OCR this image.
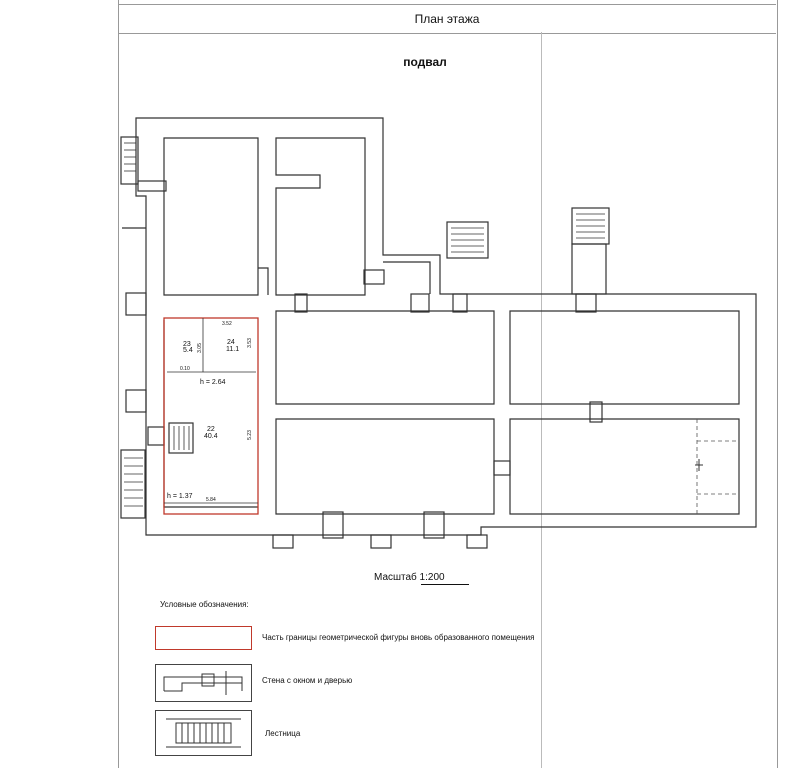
План этажа
подвал
23
5.4
24
11.1
22
40.4
h = 2.64
h = 1.37
3.52
3.05
3.53
0.10
5.23
5.84
Масштаб 1:200
Условные обозначения:
Часть границы геометрической фигуры вновь образованного помещения
Стена с окном и дверью
Лестница
